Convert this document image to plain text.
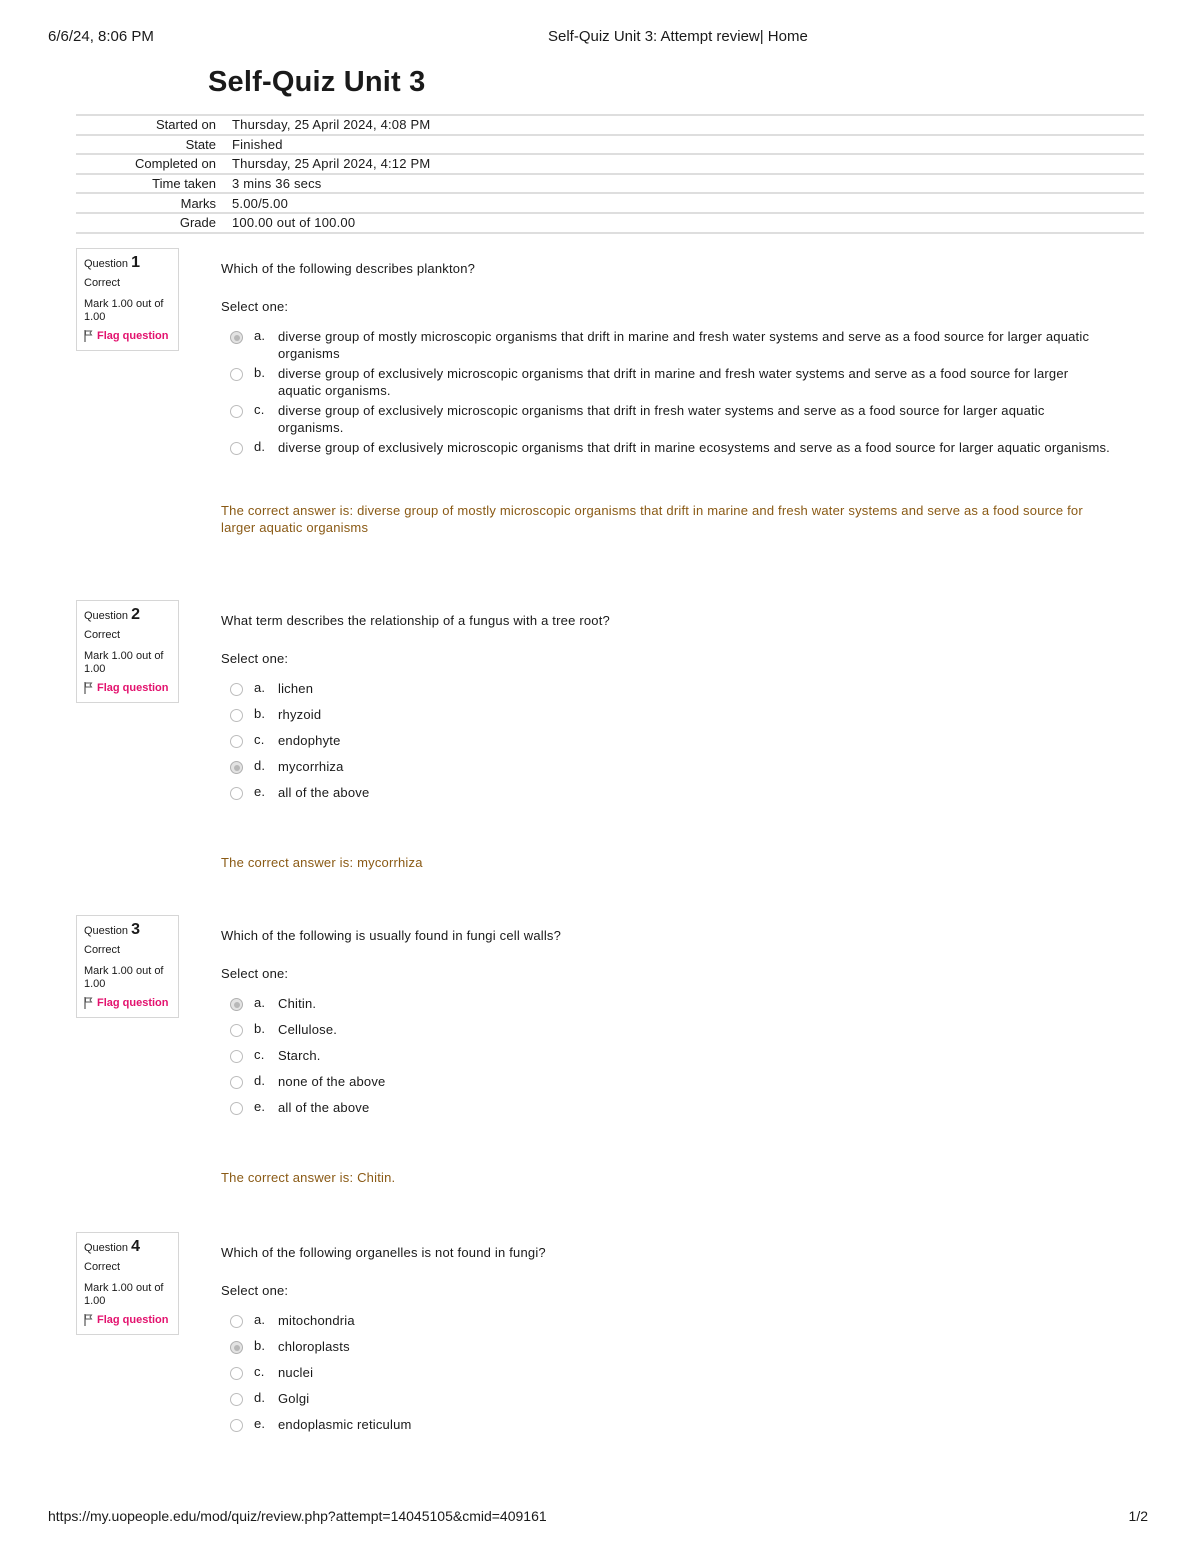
6/6/24, 8:06 PM	Self-Quiz Unit 3: Attempt review| Home
Self-Quiz Unit 3
Started on	Thursday, 25 April 2024, 4:08 PM
State	Finished
Completed on	Thursday, 25 April 2024, 4:12 PM
Time taken	3 mins 36 secs
Marks	5.00/5.00
Grade	100.00 out of 100.00
Question 1
Correct
Mark 1.00 out of 1.00
Flag question

Which of the following describes plankton?

Select one:
a. diverse group of mostly microscopic organisms that drift in marine and fresh water systems and serve as a food source for larger aquatic organisms
b. diverse group of exclusively microscopic organisms that drift in marine and fresh water systems and serve as a food source for larger aquatic organisms.
c.	diverse group of exclusively microscopic organisms that drift in fresh water systems and serve as a food source for larger aquatic organisms.
d. diverse group of exclusively microscopic organisms that drift in marine ecosystems and serve as a food source for larger aquatic organisms.
The correct answer is: diverse group of mostly microscopic organisms that drift in marine and fresh water systems and serve as a food source for larger aquatic organisms
Question 2
Correct
Mark 1.00 out of 1.00
Flag question

What term describes the relationship of a fungus with a tree root?

Select one:
a. lichen
b. rhyzoid
c.	endophyte
d. mycorrhiza
e. all of the above
The correct answer is: mycorrhiza
Question 3
Correct
Mark 1.00 out of 1.00
Flag question

Which of the following is usually found in fungi cell walls?

Select one:
a. Chitin.
b. Cellulose.
c.	Starch.
d. none of the above
e. all of the above
The correct answer is: Chitin.
Question 4
Correct
Mark 1.00 out of 1.00
Flag question

Which of the following organelles is not found in fungi?

Select one:
a. mitochondria
b. chloroplasts
c.	nuclei
d. Golgi
e. endoplasmic reticulum
https://my.uopeople.edu/mod/quiz/review.php?attempt=14045105&cmid=409161	1/2
